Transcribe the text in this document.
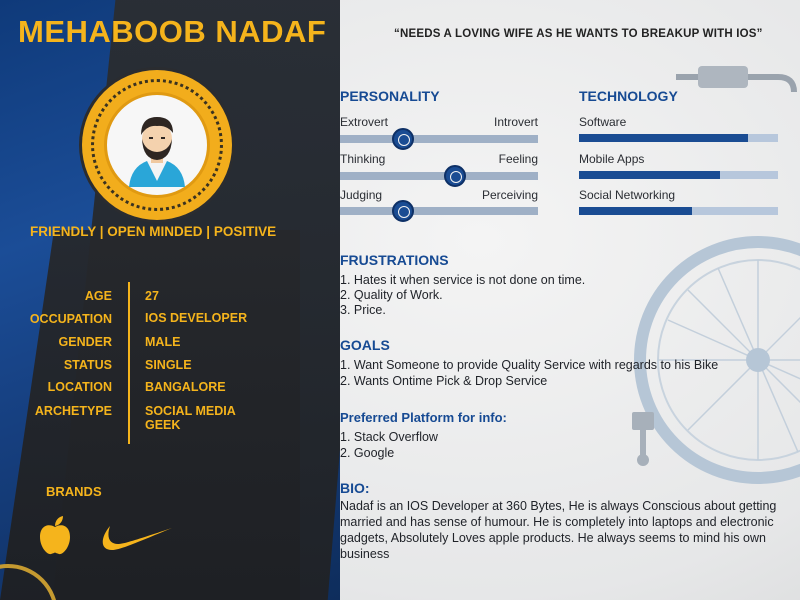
MEHABOOB NADAF
FRIENDLY | OPEN MINDED | POSITIVE
AGE	27
OCCUPATION	IOS DEVELOPER
GENDER	MALE
STATUS	SINGLE
LOCATION	BANGALORE
ARCHETYPE	SOCIAL MEDIA GEEK
BRANDS
“NEEDS A LOVING WIFE AS HE WANTS TO BREAKUP WITH IOS”
PERSONALITY	TECHNOLOGY
Extrovert	Introvert
Thinking	Feeling
Judging	Perceiving
Software
Mobile Apps
Social Networking
FRUSTRATIONS
1. Hates it when service is not done on time.
2. Quality of Work.
3. Price.
GOALS
1. Want Someone to provide Quality Service with regards to his Bike
2. Wants Ontime Pick & Drop Service
Preferred Platform for info:
1. Stack Overflow
2. Google
BIO:
Nadaf is an IOS Developer at 360 Bytes, He is always Conscious about getting married and has sense of humour. He is completely into laptops and electronic gadgets, Absolutely Loves apple products. He always seems to mind his own business
